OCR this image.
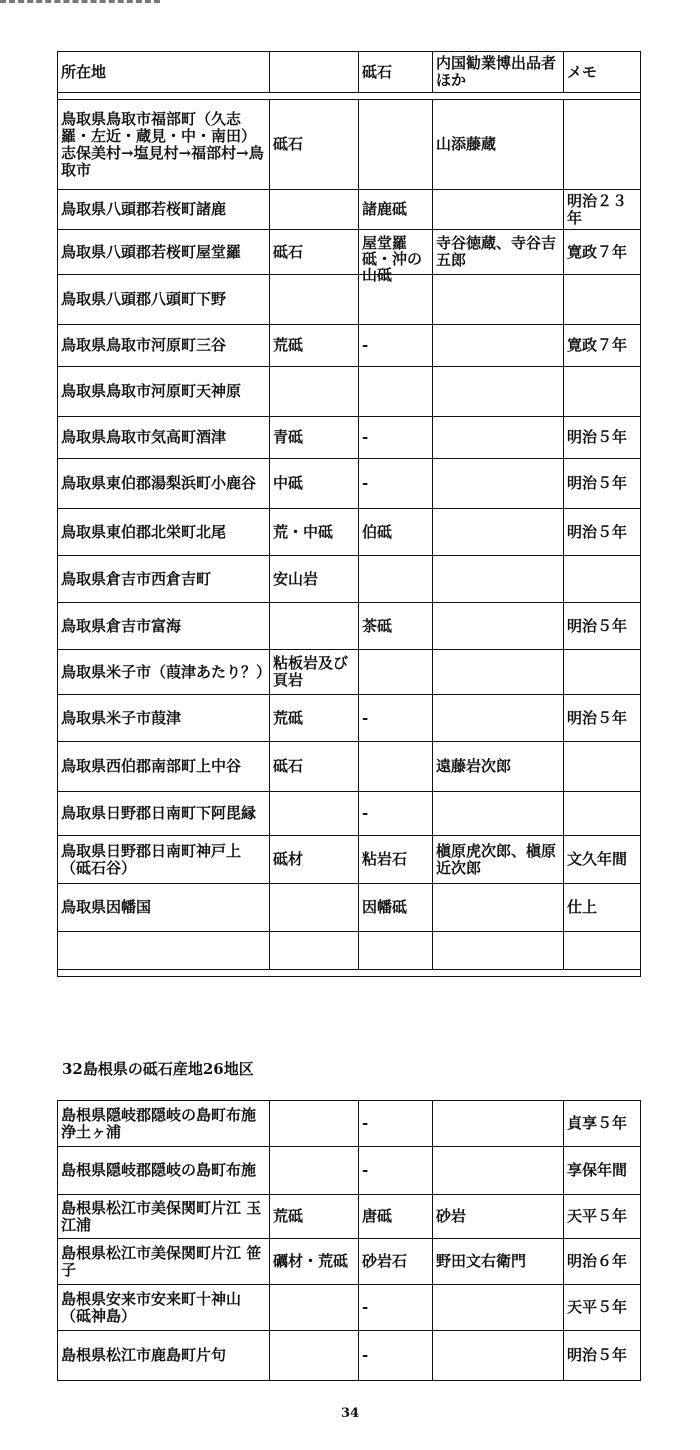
所在地		砥石	内国勧業博出品者ほか	メモ

鳥取県鳥取市福部町（久志羅・左近・蔵見・中・南田）志保美村→塩見村→福部村→鳥取市	砥石		山添藤蔵	
鳥取県八頭郡若桜町諸鹿		諸鹿砥		明治２３年
鳥取県八頭郡若桜町屋堂羅	砥石	屋堂羅砥・沖の山砥	寺谷徳蔵、寺谷吉五郎	寛政７年
鳥取県八頭郡八頭町下野				
鳥取県鳥取市河原町三谷	荒砥	-		寛政７年
鳥取県鳥取市河原町天神原				
鳥取県鳥取市気高町酒津	青砥	-		明治５年
鳥取県東伯郡湯梨浜町小鹿谷	中砥	-		明治５年
鳥取県東伯郡北栄町北尾	荒・中砥	伯砥		明治５年
鳥取県倉吉市西倉吉町	安山岩			
鳥取県倉吉市富海		茶砥		明治５年
鳥取県米子市（葭津あたり？）	粘板岩及び頁岩			
鳥取県米子市葭津	荒砥	-		明治５年
鳥取県西伯郡南部町上中谷	砥石		遠藤岩次郎	
鳥取県日野郡日南町下阿毘縁		-		
鳥取県日野郡日南町神戸上（砥石谷）	砥材	粘岩石	槇原虎次郎、槇原近次郎	文久年間
鳥取県因幡国		因幡砥		仕上

32島根県の砥石産地26地区
島根県隠岐郡隠岐の島町布施　浄土ヶ浦		-		貞享５年
島根県隠岐郡隠岐の島町布施		-		享保年間
島根県松江市美保関町片江 玉江浦	荒砥	唐砥	砂岩	天平５年
島根県松江市美保関町片江 笹子	礪材・荒砥	砂岩石	野田文右衛門	明治６年
島根県安来市安来町十神山（砥神島）		-		天平５年
島根県松江市鹿島町片句		-		明治５年
34
